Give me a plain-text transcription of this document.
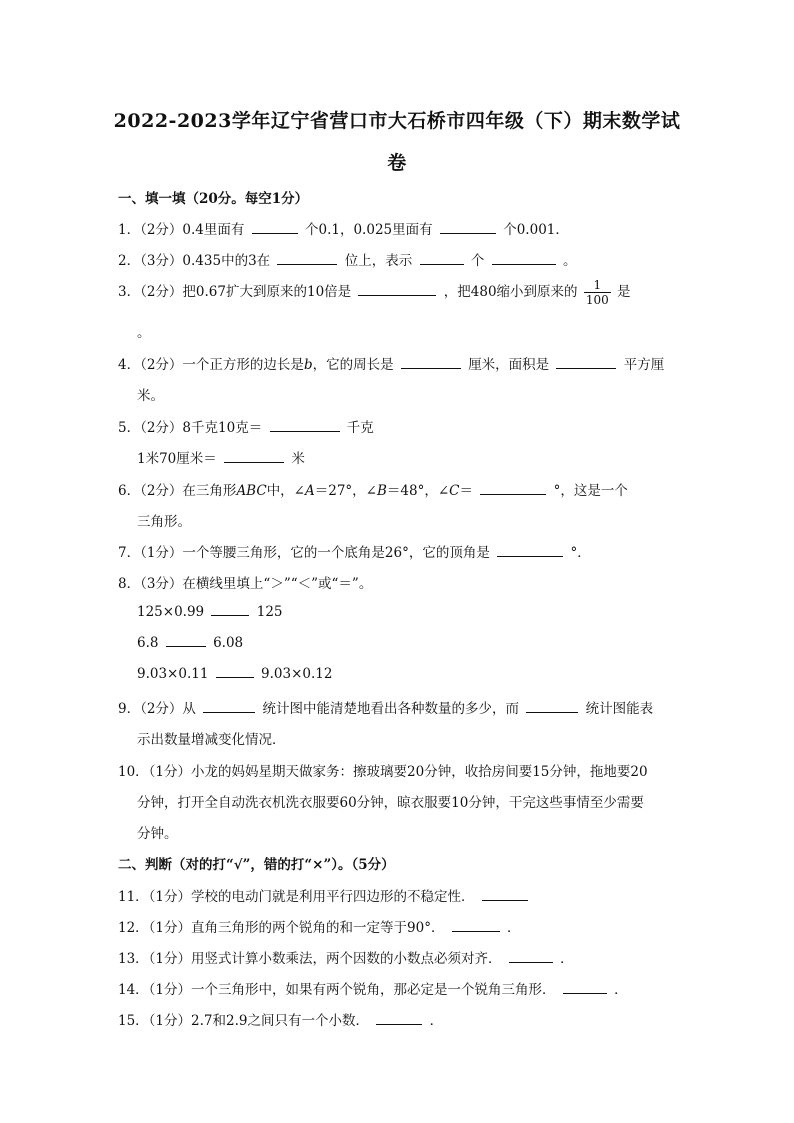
2022-2023学年辽宁省营口市大石桥市四年级（下）期末数学试
卷
一、填一填（20分。每空1分）
1．（2分）0.4里面有	个0.1，0.025里面有	个0.001．
2．（3分）0.435中的3在	位上，表示	个	。
3．（2分）把0.67扩大到原来的10倍是	，把480缩小到原来的 $\frac{1}{100}$ 是
。
4．（2分）一个正方形的边长是b，它的周长是	厘米，面积是	平方厘
米。
5．（2分）8千克10克＝	千克
1米70厘米＝	米
6．（2分）在三角形ABC中，∠A＝27°，∠B＝48°，∠C＝	°，这是一个
三角形。
7．（1分）一个等腰三角形，它的一个底角是26°，它的顶角是	°．
8．（3分）在横线里填上“＞”“＜”或“＝”。
125×0.99	125
6.8	6.08
9.03×0.11	9.03×0.12
9．（2分）从	统计图中能清楚地看出各种数量的多少，而	统计图能表
示出数量增减变化情况．
10．（1分）小龙的妈妈星期天做家务：擦玻璃要20分钟，收拾房间要15分钟，拖地要20
分钟，打开全自动洗衣机洗衣服要60分钟，晾衣服要10分钟，干完这些事情至少需要
分钟。
二、判断（对的打“√”，错的打“×”）。（5分）
11．（1分）学校的电动门就是利用平行四边形的不稳定性．
12．（1分）直角三角形的两个锐角的和一定等于90°．	．
13．（1分）用竖式计算小数乘法，两个因数的小数点必须对齐．	．
14．（1分）一个三角形中，如果有两个锐角，那必定是一个锐角三角形．	．
15．（1分）2.7和2.9之间只有一个小数．	．
